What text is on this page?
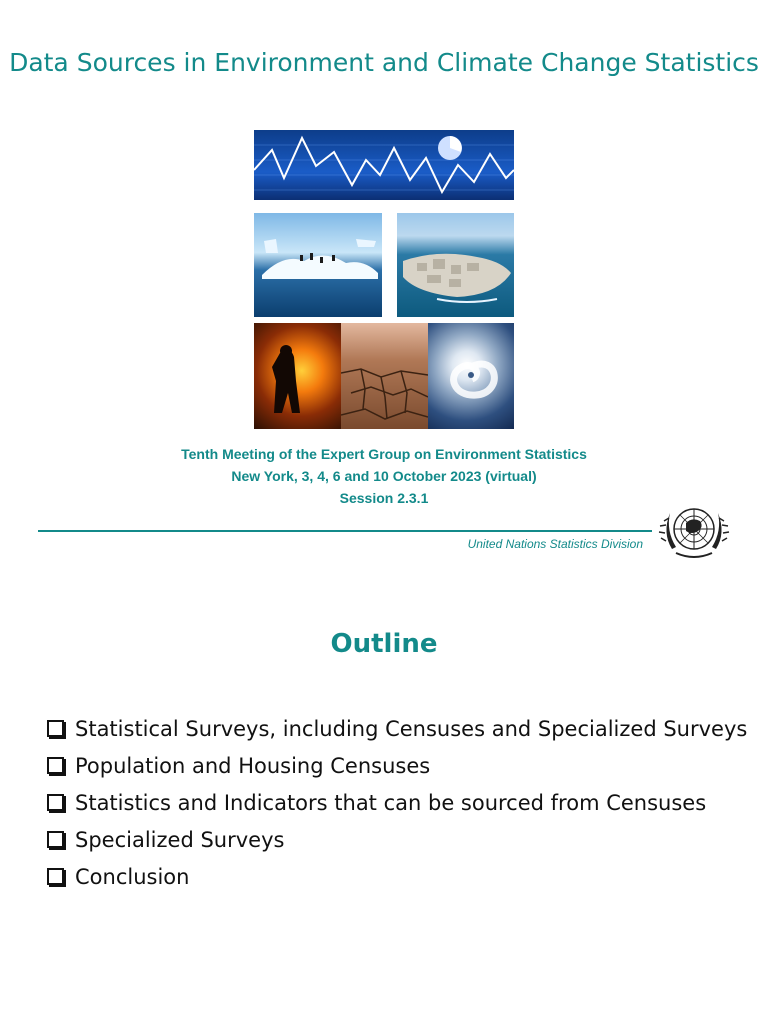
Data Sources in Environment and Climate Change Statistics

Tenth Meeting of the Expert Group on Environment Statistics

New York, 3, 4, 6 and 10 October 2023 (virtual)

Session 2.3.1

United Nations Statistics Division
Outline
Statistical Surveys, including Censuses and Specialized Surveys
Population and Housing Censuses
Statistics and Indicators that can be sourced from Censuses
Specialized Surveys
Conclusion
